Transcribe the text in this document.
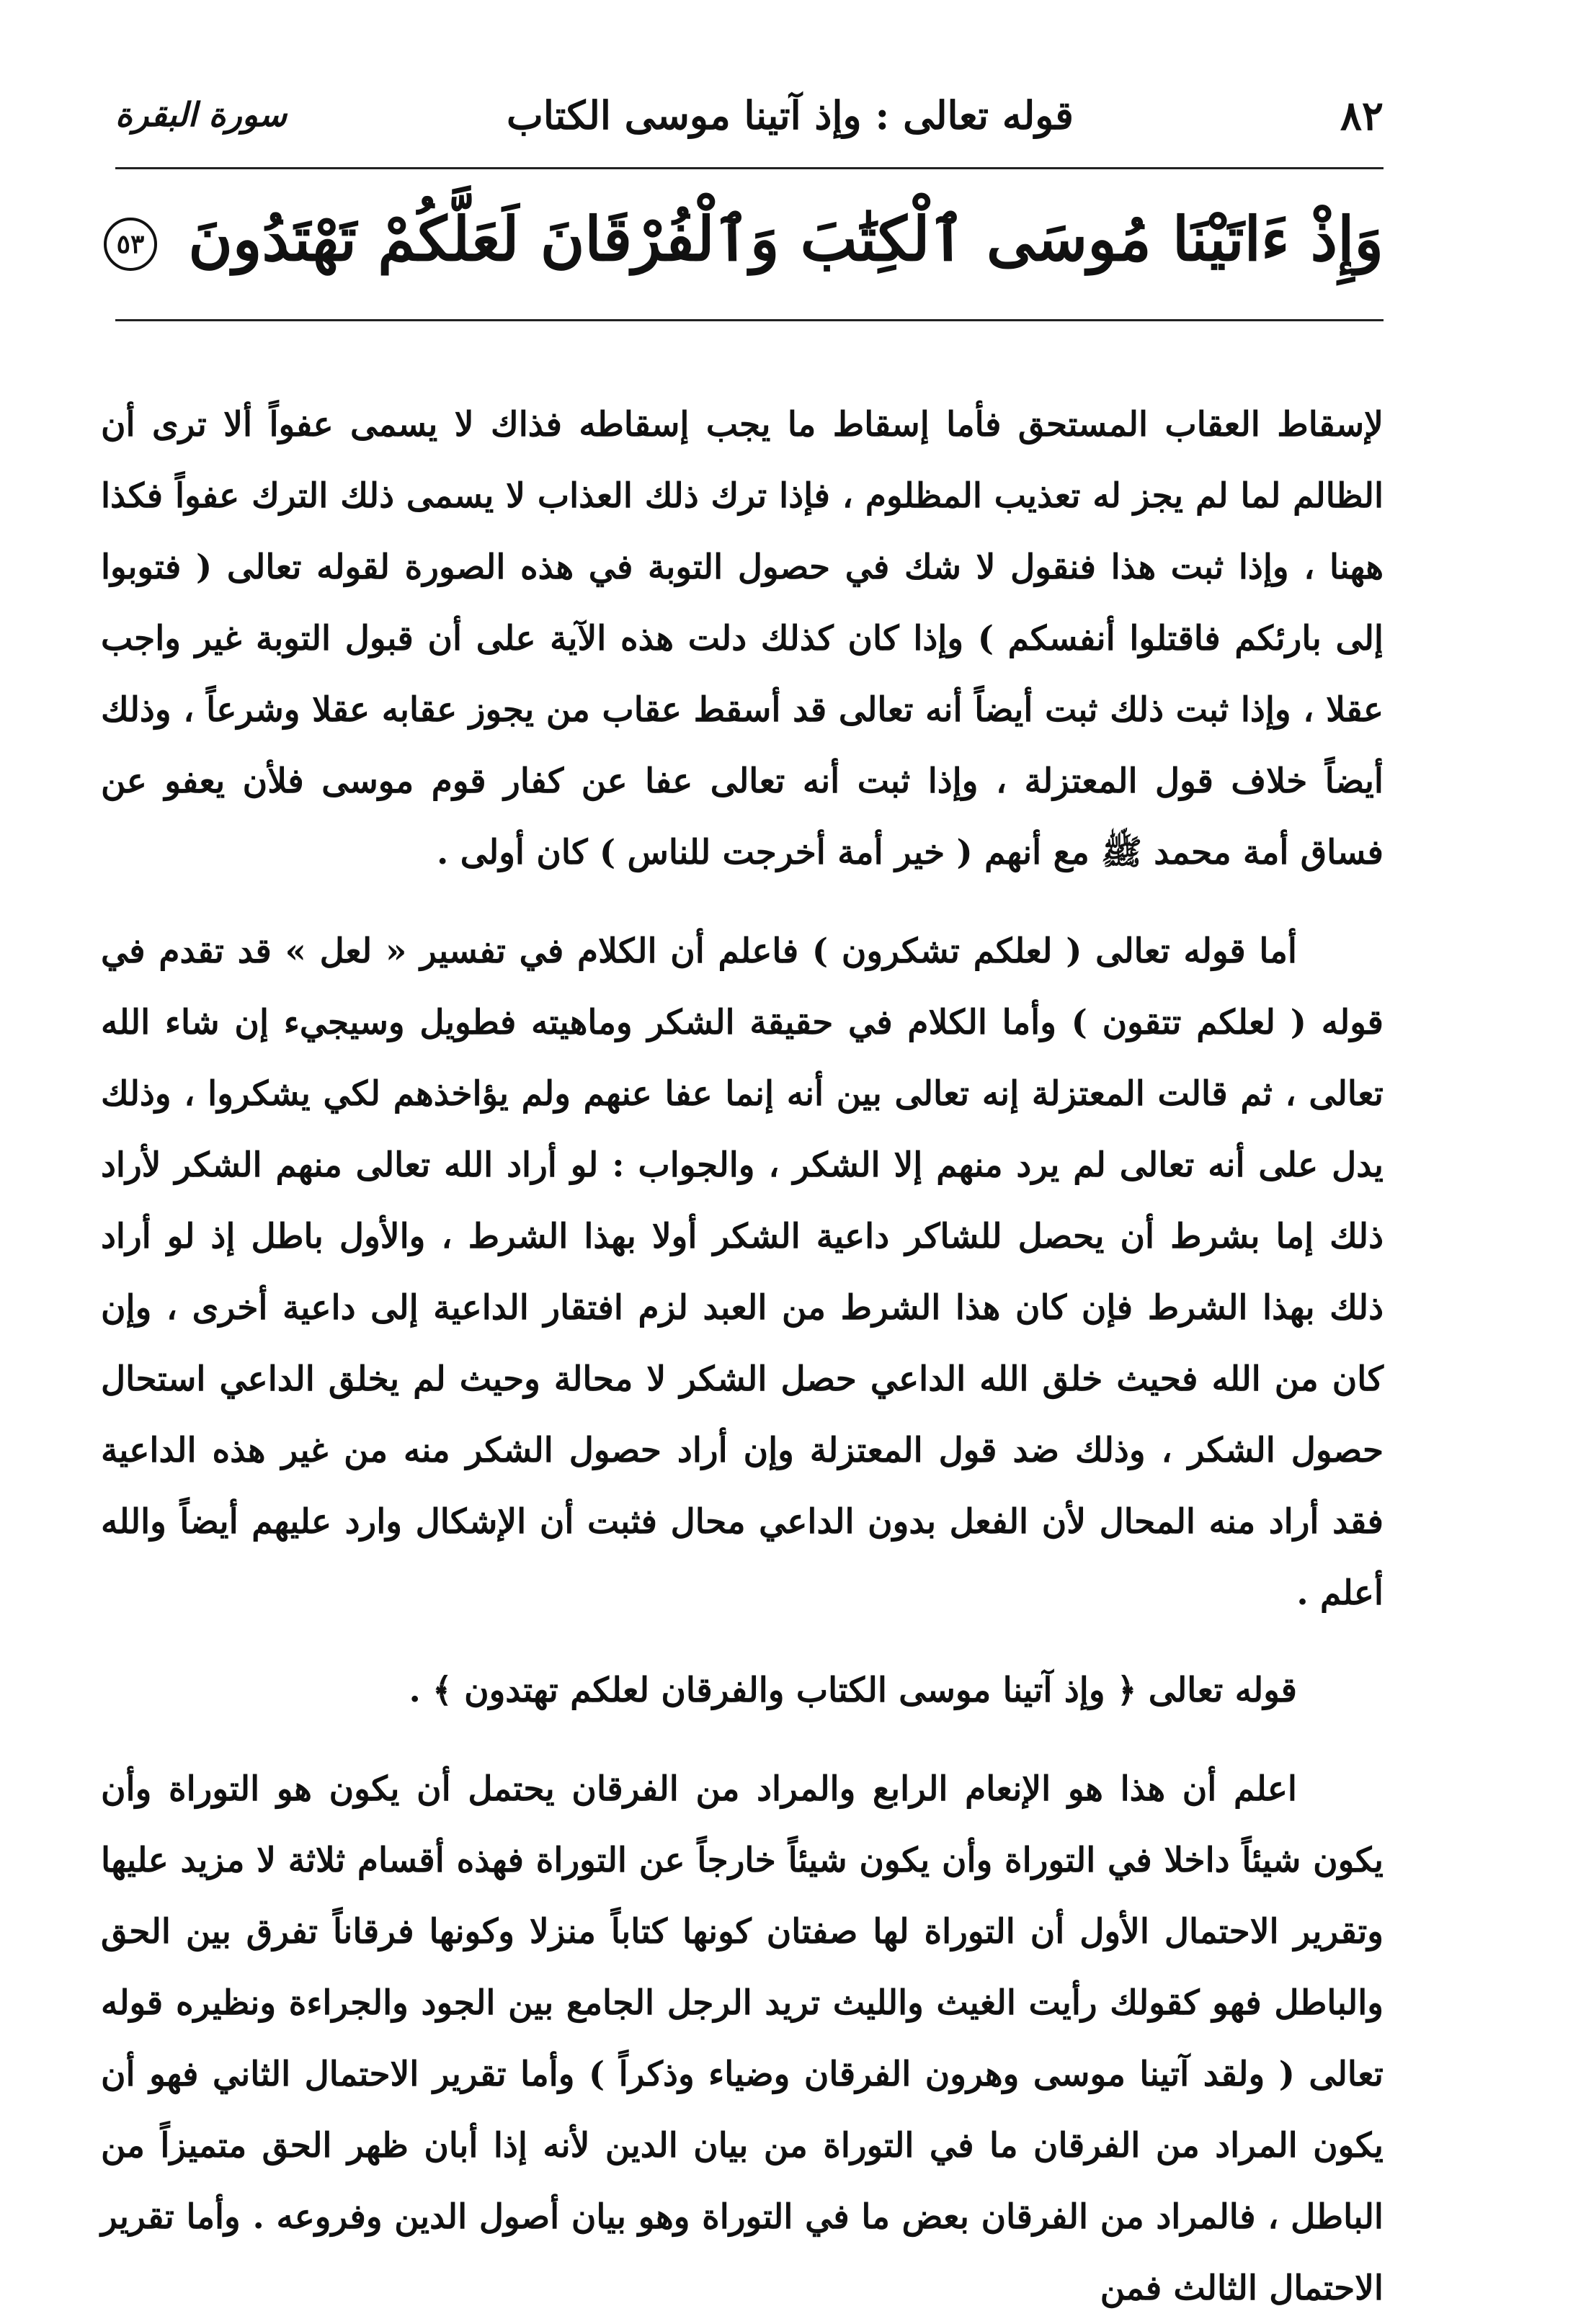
٨٢
قوله تعالى : وإذ آتينا موسى الكتاب
سورة البقرة
وَإِذْ ءَاتَيْنَا مُوسَى ٱلْكِتَٰبَ وَٱلْفُرْقَانَ لَعَلَّكُمْ تَهْتَدُونَ ٥٣

لإسقاط العقاب المستحق فأما إسقاط ما يجب إسقاطه فذاك لا يسمى عفواً ألا ترى أن الظالم لما لم يجز له تعذيب المظلوم ، فإذا ترك ذلك العذاب لا يسمى ذلك الترك عفواً فكذا ههنا ، وإذا ثبت هذا فنقول لا شك في حصول التوبة في هذه الصورة لقوله تعالى ( فتوبوا إلى بارئكم فاقتلوا أنفسكم ) وإذا كان كذلك دلت هذه الآية على أن قبول التوبة غير واجب عقلا ، وإذا ثبت ذلك ثبت أيضاً أنه تعالى قد أسقط عقاب من يجوز عقابه عقلا وشرعاً ، وذلك أيضاً خلاف قول المعتزلة ، وإذا ثبت أنه تعالى عفا عن كفار قوم موسى فلأن يعفو عن فساق أمة محمد ﷺ مع أنهم ( خير أمة أخرجت للناس ) كان أولى .

أما قوله تعالى ( لعلكم تشكرون ) فاعلم أن الكلام في تفسير « لعل » قد تقدم في قوله ( لعلكم تتقون ) وأما الكلام في حقيقة الشكر وماهيته فطويل وسيجيء إن شاء الله تعالى ، ثم قالت المعتزلة إنه تعالى بين أنه إنما عفا عنهم ولم يؤاخذهم لكي يشكروا ، وذلك يدل على أنه تعالى لم يرد منهم إلا الشكر ، والجواب : لو أراد الله تعالى منهم الشكر لأراد ذلك إما بشرط أن يحصل للشاكر داعية الشكر أولا بهذا الشرط ، والأول باطل إذ لو أراد ذلك بهذا الشرط فإن كان هذا الشرط من العبد لزم افتقار الداعية إلى داعية أخرى ، وإن كان من الله فحيث خلق الله الداعي حصل الشكر لا محالة وحيث لم يخلق الداعي استحال حصول الشكر ، وذلك ضد قول المعتزلة وإن أراد حصول الشكر منه من غير هذه الداعية فقد أراد منه المحال لأن الفعل بدون الداعي محال فثبت أن الإشكال وارد عليهم أيضاً والله أعلم .

قوله تعالى ﴿ وإذ آتينا موسى الكتاب والفرقان لعلكم تهتدون ﴾ .

اعلم أن هذا هو الإنعام الرابع والمراد من الفرقان يحتمل أن يكون هو التوراة وأن يكون شيئاً داخلا في التوراة وأن يكون شيئاً خارجاً عن التوراة فهذه أقسام ثلاثة لا مزيد عليها وتقرير الاحتمال الأول أن التوراة لها صفتان كونها كتاباً منزلا وكونها فرقاناً تفرق بين الحق والباطل فهو كقولك رأيت الغيث والليث تريد الرجل الجامع بين الجود والجراءة ونظيره قوله تعالى ( ولقد آتينا موسى وهرون الفرقان وضياء وذكراً ) وأما تقرير الاحتمال الثاني فهو أن يكون المراد من الفرقان ما في التوراة من بيان الدين لأنه إذا أبان ظهر الحق متميزاً من الباطل ، فالمراد من الفرقان بعض ما في التوراة وهو بيان أصول الدين وفروعه . وأما تقرير الاحتمال الثالث فمن
